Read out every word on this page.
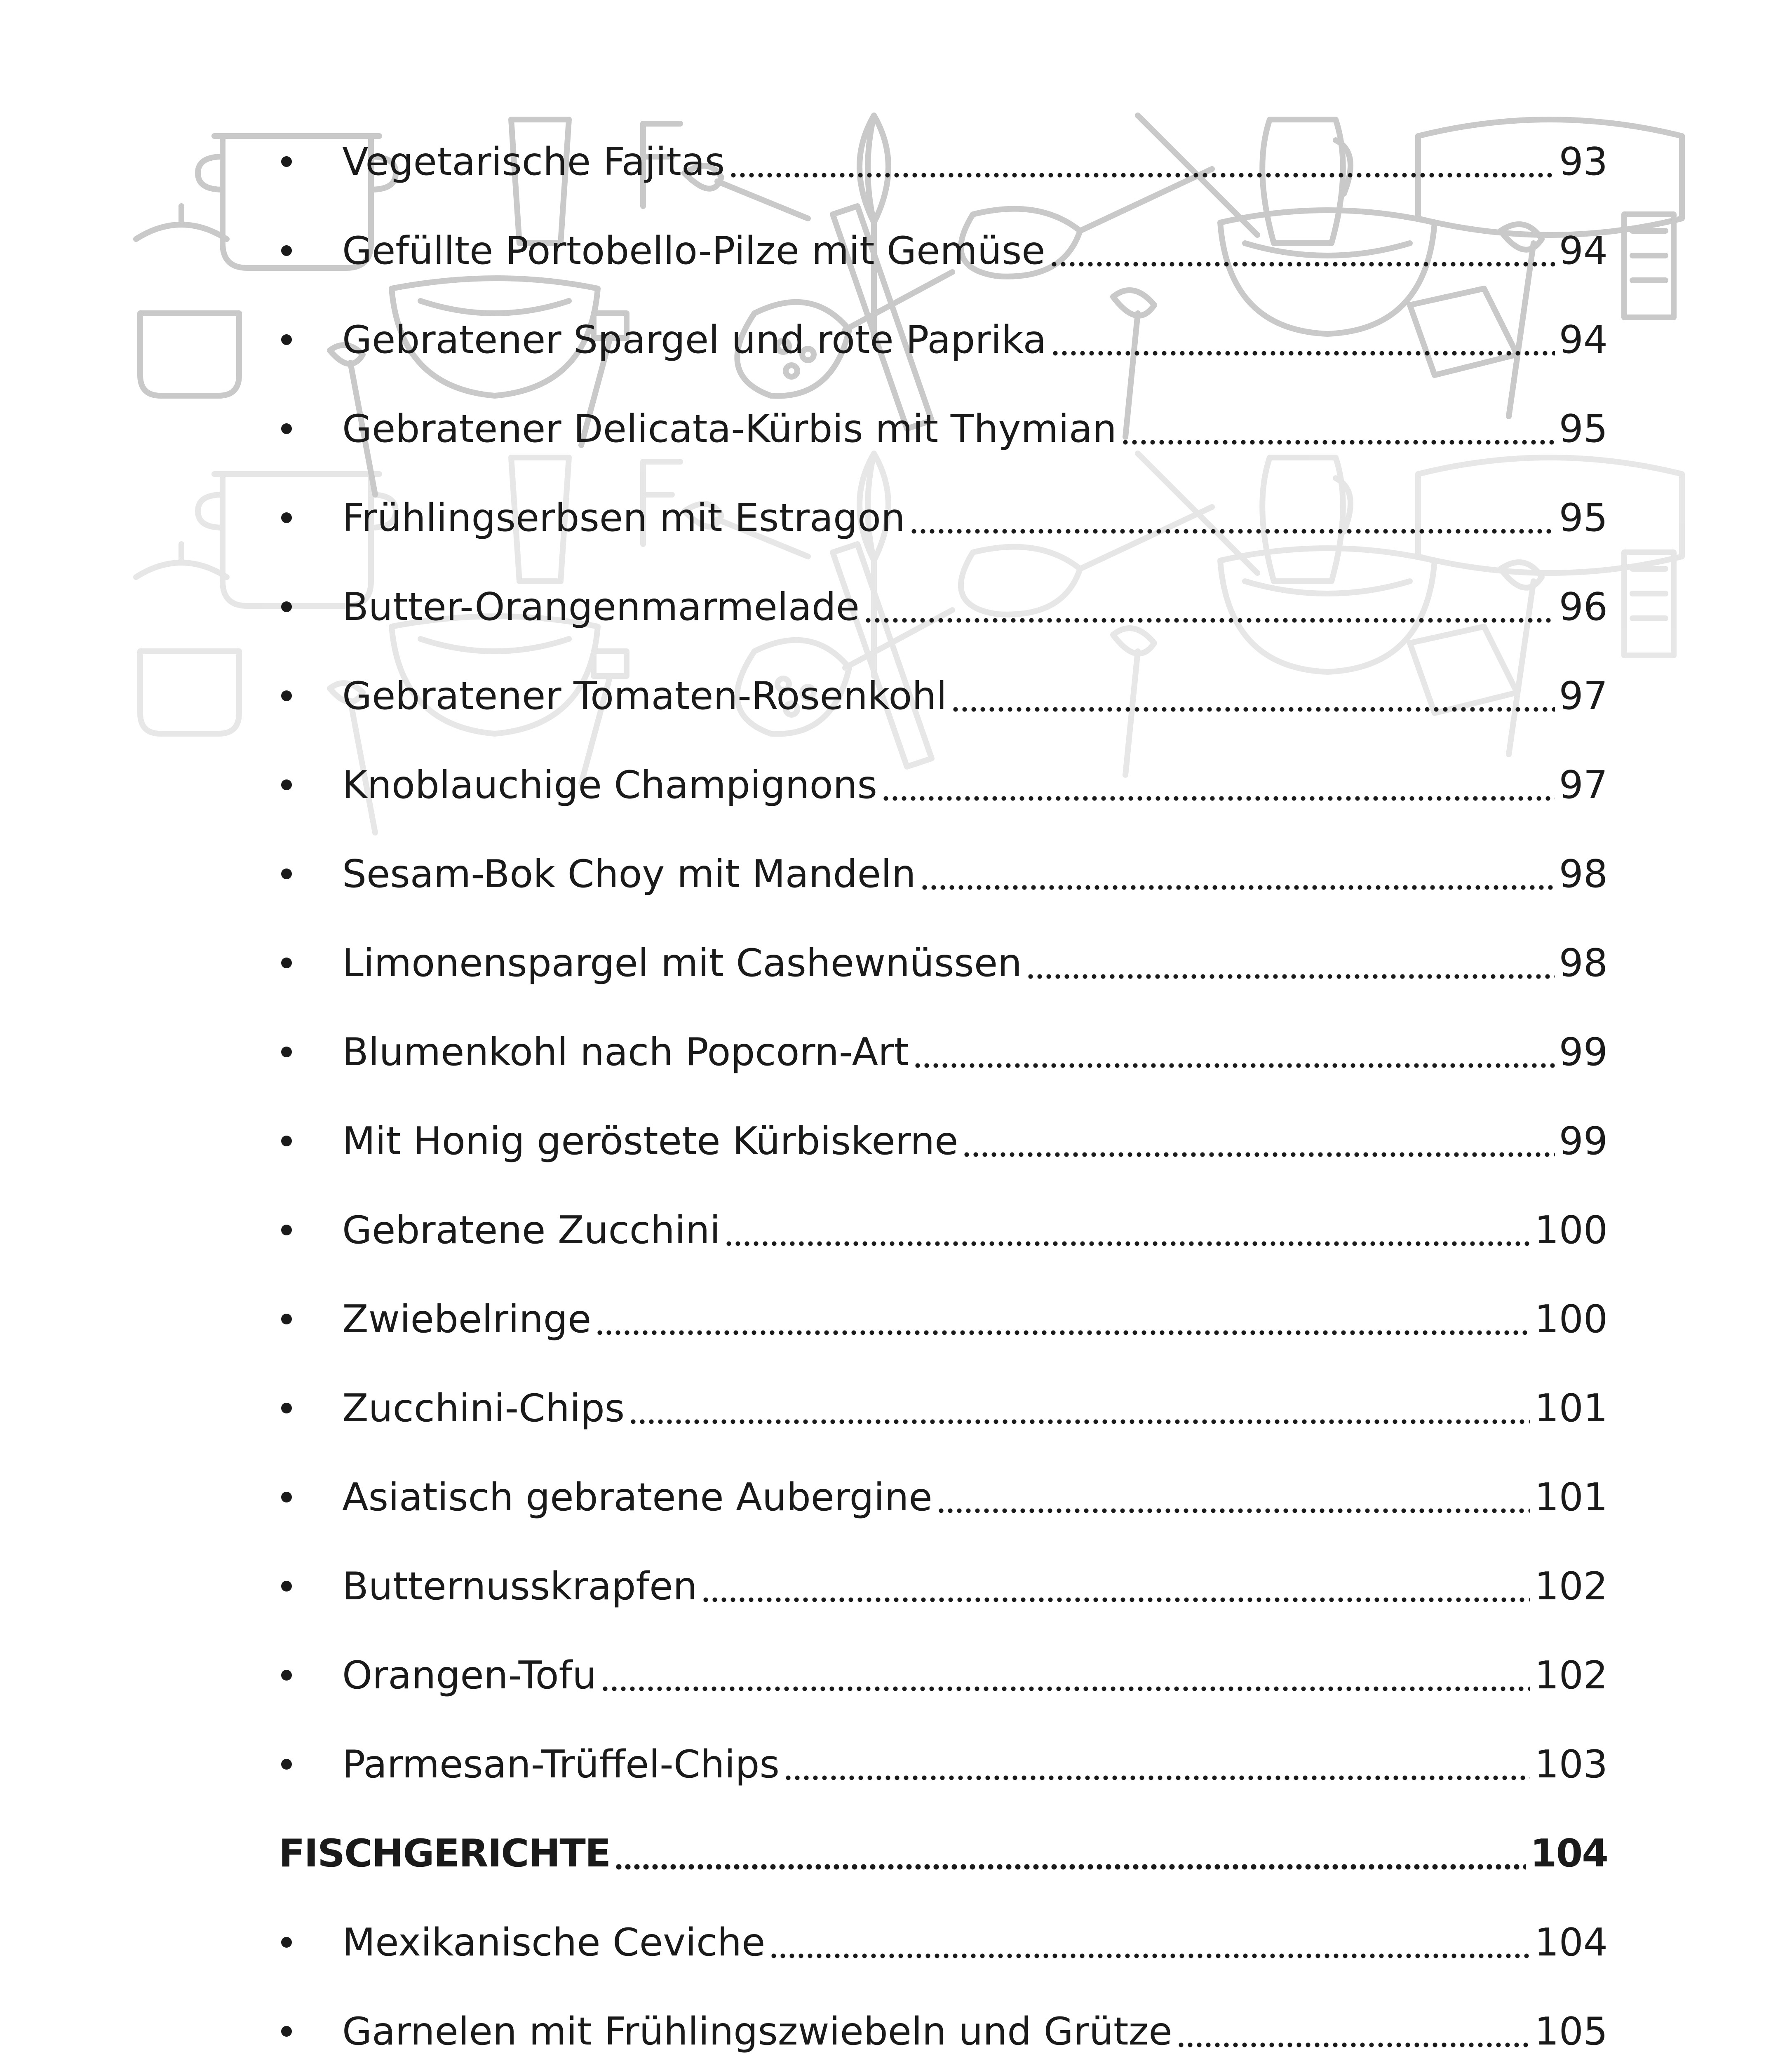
Vegetarische Fajitas	93
Gefüllte Portobello-Pilze mit Gemüse	94
Gebratener Spargel und rote Paprika	94
Gebratener Delicata-Kürbis mit Thymian	95
Frühlingserbsen mit Estragon	95
Butter-Orangenmarmelade	96
Gebratener Tomaten-Rosenkohl	97
Knoblauchige Champignons	97
Sesam-Bok Choy mit Mandeln	98
Limonenspargel mit Cashewnüssen	98
Blumenkohl nach Popcorn-Art	99
Mit Honig geröstete Kürbiskerne	99
Gebratene Zucchini	100
Zwiebelringe	100
Zucchini-Chips	101
Asiatisch gebratene Aubergine	101
Butternusskrapfen	102
Orangen-Tofu	102
Parmesan-Trüffel-Chips	103
FISCHGERICHTE	104
Mexikanische Ceviche	104
Garnelen mit Frühlingszwiebeln und Grütze	105
